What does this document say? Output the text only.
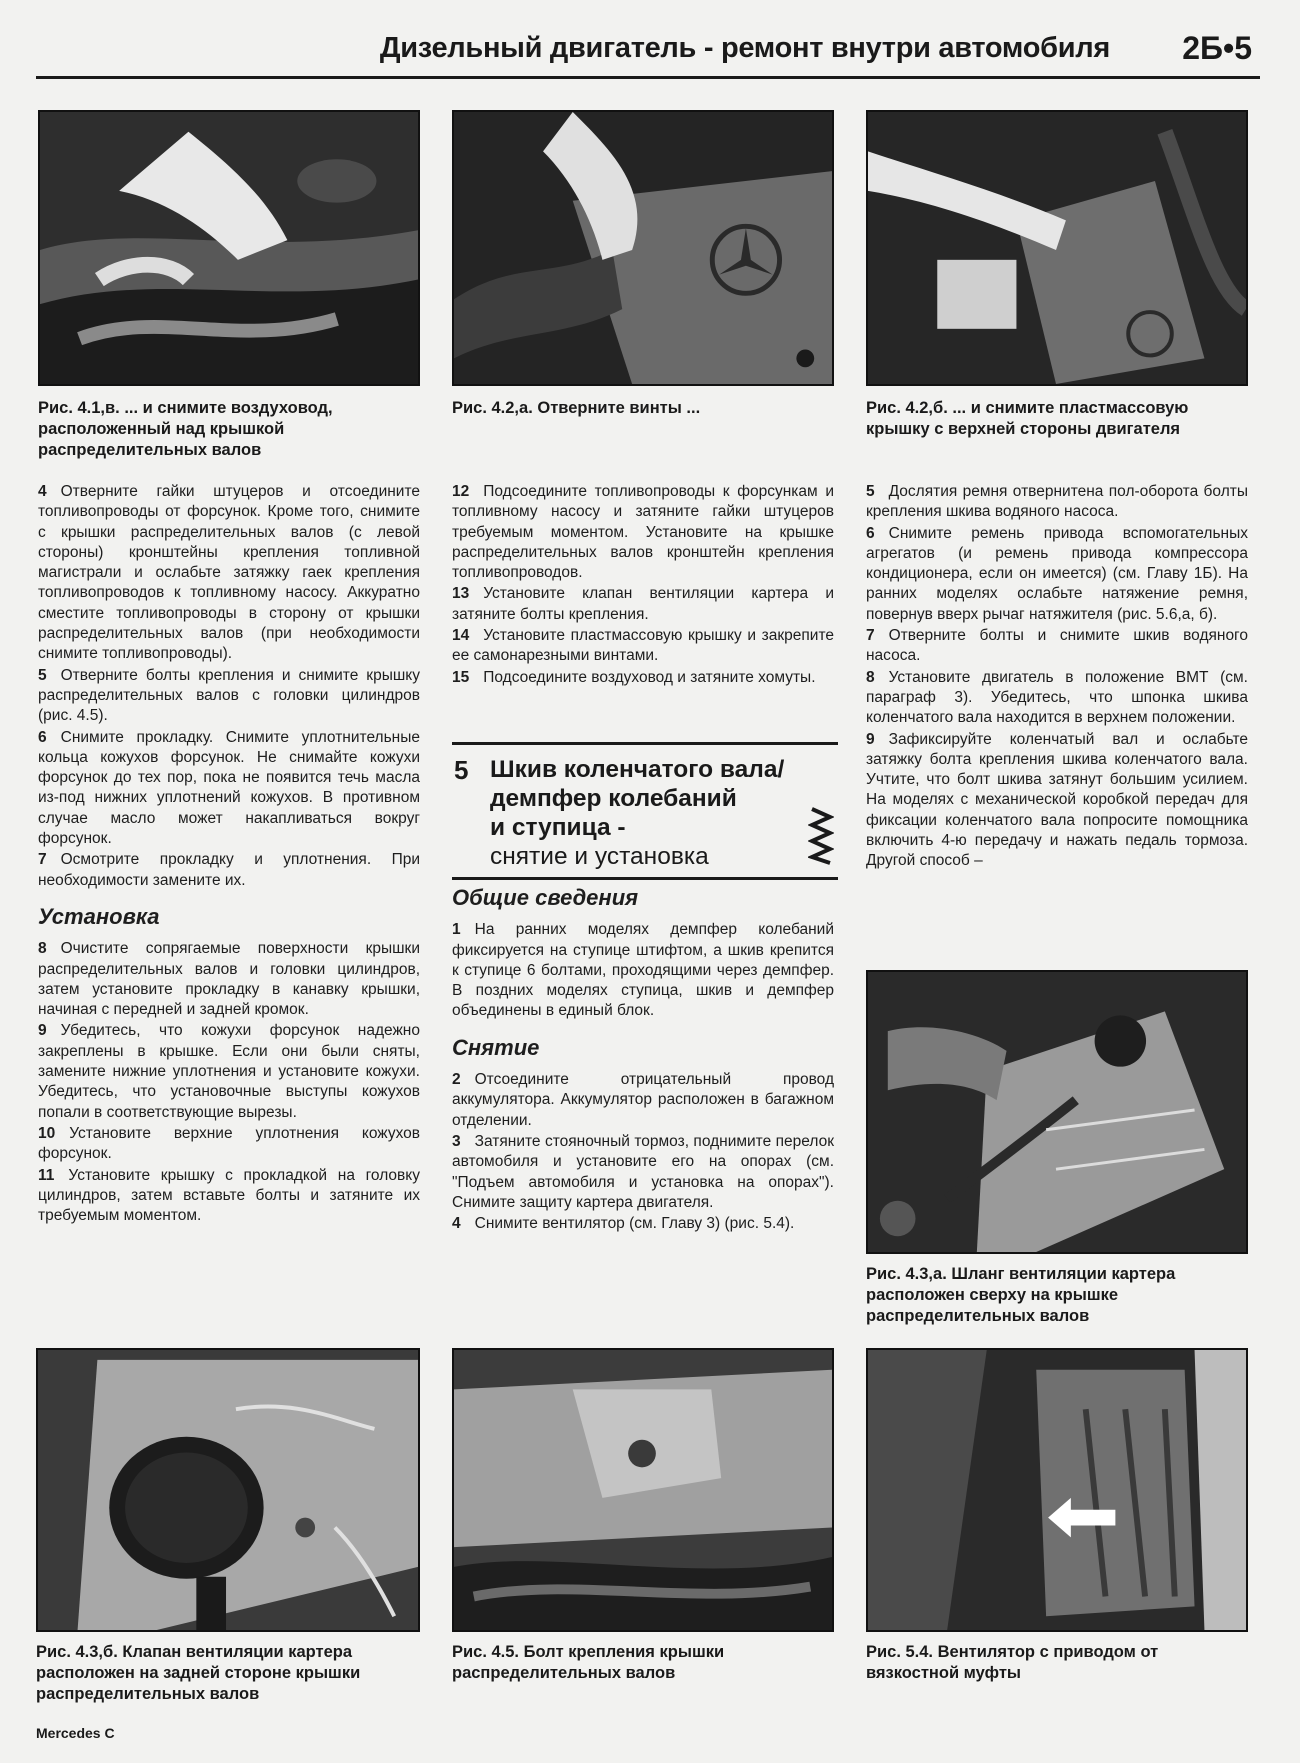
Дизельный двигатель - ремонт внутри автомобиля 2Б•5
Рис. 4.1,в. ... и снимите воздуховод, расположенный над крышкой распределительных валов
Рис. 4.2,а. Отверните винты ...	Рис. 4.2,б. ... и снимите пластмассовую крышку с верхней стороны двигателя

4 Отверните гайки штуцеров и отсоедините топливопроводы от форсунок. Кроме того, снимите с крышки распределительных валов (с левой стороны) кронштейны крепления топливной магистрали и ослабьте затяжку гаек крепления топливопроводов к топливному насосу. Аккуратно сместите топливопроводы в сторону от крышки распределительных валов (при необходимости снимите топливопроводы).

5 Отверните болты крепления и снимите крышку распределительных валов с головки цилиндров (рис. 4.5).

6 Снимите прокладку. Снимите уплотнительные кольца кожухов форсунок. Не снимайте кожухи форсунок до тех пор, пока не появится течь масла из-под нижних уплотнений кожухов. В противном случае масло может накапливаться вокруг форсунок.

7 Осмотрите прокладку и уплотнения. При необходимости замените их.

Установка

8 Очистите сопрягаемые поверхности крышки распределительных валов и головки цилиндров, затем установите прокладку в канавку крышки, начиная с передней и задней кромок.

9 Убедитесь, что кожухи форсунок надежно закреплены в крышке. Если они были сняты, замените нижние уплотнения и установите кожухи. Убедитесь, что установочные выступы кожухов попали в соответствующие вырезы.

10 Установите верхние уплотнения кожухов форсунок.

11 Установите крышку с прокладкой на головку цилиндров, затем вставьте болты и затяните их требуемым моментом.

12 Подсоедините топливопроводы к форсункам и топливному насосу и затяните гайки штуцеров требуемым моментом. Установите на крышке распределительных валов кронштейн крепления топливопроводов.

13 Установите клапан вентиляции картера и затяните болты крепления.

14 Установите пластмассовую крышку и закрепите ее самонарезными винтами.

15 Подсоедините воздуховод и затяните хомуты.

5 Шкив коленчатого вала/
демпфер колебаний
и ступица -
снятие и установка
Общие сведения

1 На ранних моделях демпфер колебаний фиксируется на ступице штифтом, а шкив крепится к ступице 6 болтами, проходящими через демпфер. В поздних моделях ступица, шкив и демпфер объединены в единый блок.

Снятие

2 Отсоедините отрицательный провод аккумулятора. Аккумулятор расположен в багажном отделении.

3 Затяните стояночный тормоз, поднимите перелок автомобиля и установите его на опорах (см. "Подъем автомобиля и установка на опорах"). Снимите защиту картера двигателя.

4 Снимите вентилятор (см. Главу 3) (рис. 5.4).

5 Дослятия ремня отвернитена пол-оборота болты крепления шкива водяного насоса.

6 Снимите ремень привода вспомогательных агрегатов (и ремень привода компрессора кондиционера, если он имеется) (см. Главу 1Б). На ранних моделях ослабьте натяжение ремня, повернув вверх рычаг натяжителя (рис. 5.6,а, б).

7 Отверните болты и снимите шкив водяного насоса.

8 Установите двигатель в положение ВМТ (см. параграф 3). Убедитесь, что шпонка шкива коленчатого вала находится в верхнем положении.

9 Зафиксируйте коленчатый вал и ослабьте затяжку болта крепления шкива коленчатого вала. Учтите, что болт шкива затянут большим усилием. На моделях с механической коробкой передач для фиксации коленчатого вала попросите помощника включить 4-ю передачу и нажать педаль тормоза. Другой способ –

Рис. 4.3,а. Шланг вентиляции картера расположен сверху на крышке распределительных валов
Рис. 4.3,б. Клапан вентиляции картера расположен на задней стороне крышки распределительных валов
Рис. 4.5. Болт крепления крышки распределительных валов
Рис. 5.4. Вентилятор с приводом от вязкостной муфты
Mercedes C
